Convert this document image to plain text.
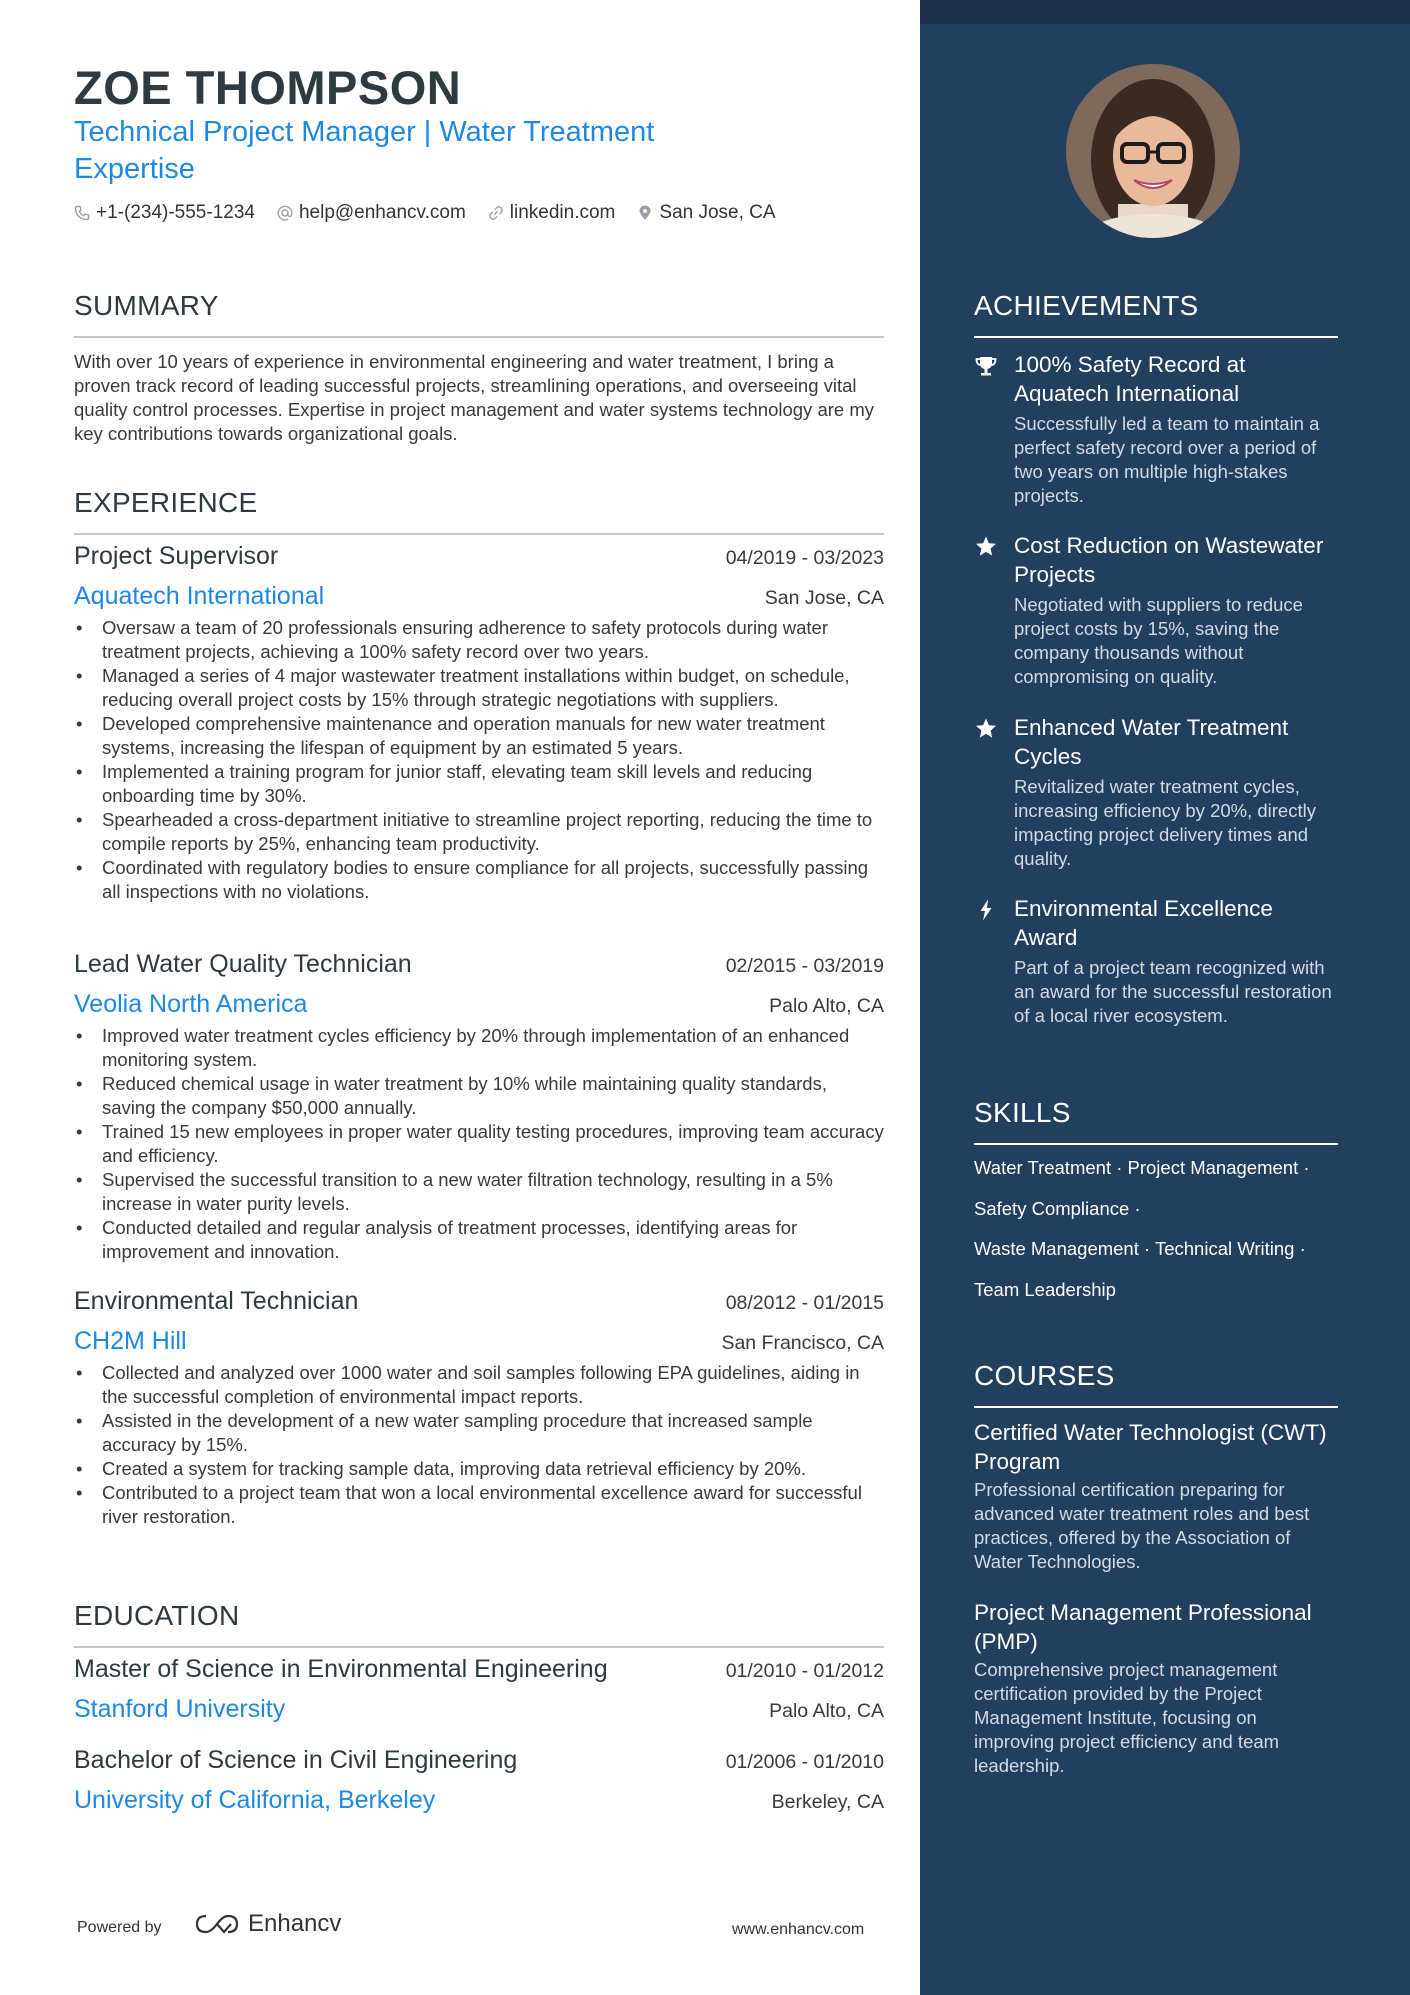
ZOE THOMPSON
Technical Project Manager | Water Treatment Expertise
+1-(234)-555-1234 help@enhancv.com linkedin.com San Jose, CA
SUMMARY
With over 10 years of experience in environmental engineering and water treatment, I bring a proven track record of leading successful projects, streamlining operations, and overseeing vital quality control processes. Expertise in project management and water systems technology are my key contributions towards organizational goals.
EXPERIENCE
Project Supervisor	04/2019 - 03/2023
Aquatech International	San Jose, CA
• Oversaw a team of 20 professionals ensuring adherence to safety protocols during water treatment projects, achieving a 100% safety record over two years.
• Managed a series of 4 major wastewater treatment installations within budget, on schedule, reducing overall project costs by 15% through strategic negotiations with suppliers.
• Developed comprehensive maintenance and operation manuals for new water treatment systems, increasing the lifespan of equipment by an estimated 5 years.
• Implemented a training program for junior staff, elevating team skill levels and reducing onboarding time by 30%.
• Spearheaded a cross-department initiative to streamline project reporting, reducing the time to compile reports by 25%, enhancing team productivity.
• Coordinated with regulatory bodies to ensure compliance for all projects, successfully passing all inspections with no violations.
Lead Water Quality Technician	02/2015 - 03/2019
Veolia North America	Palo Alto, CA
• Improved water treatment cycles efficiency by 20% through implementation of an enhanced monitoring system.
• Reduced chemical usage in water treatment by 10% while maintaining quality standards, saving the company $50,000 annually.
• Trained 15 new employees in proper water quality testing procedures, improving team accuracy and efficiency.
• Supervised the successful transition to a new water filtration technology, resulting in a 5% increase in water purity levels.
• Conducted detailed and regular analysis of treatment processes, identifying areas for improvement and innovation.
Environmental Technician	08/2012 - 01/2015
CH2M Hill	San Francisco, CA
• Collected and analyzed over 1000 water and soil samples following EPA guidelines, aiding in the successful completion of environmental impact reports.
• Assisted in the development of a new water sampling procedure that increased sample accuracy by 15%.
• Created a system for tracking sample data, improving data retrieval efficiency by 20%.
• Contributed to a project team that won a local environmental excellence award for successful river restoration.
EDUCATION
Master of Science in Environmental Engineering	01/2010 - 01/2012
Stanford University	Palo Alto, CA
Bachelor of Science in Civil Engineering	01/2006 - 01/2010
University of California, Berkeley	Berkeley, CA
Powered by	Enhancv	www.enhancv.com
ACHIEVEMENTS
100% Safety Record at Aquatech International
Successfully led a team to maintain a perfect safety record over a period of two years on multiple high-stakes projects.
Cost Reduction on Wastewater Projects
Negotiated with suppliers to reduce project costs by 15%, saving the company thousands without compromising on quality.
Enhanced Water Treatment Cycles
Revitalized water treatment cycles, increasing efficiency by 20%, directly impacting project delivery times and quality.
Environmental Excellence Award
Part of a project team recognized with an award for the successful restoration of a local river ecosystem.
SKILLS
Water Treatment · Project Management ·
Safety Compliance ·
Waste Management · Technical Writing ·
Team Leadership
COURSES
Certified Water Technologist (CWT) Program
Professional certification preparing for advanced water treatment roles and best practices, offered by the Association of Water Technologies.
Project Management Professional (PMP)
Comprehensive project management certification provided by the Project Management Institute, focusing on improving project efficiency and team leadership.
